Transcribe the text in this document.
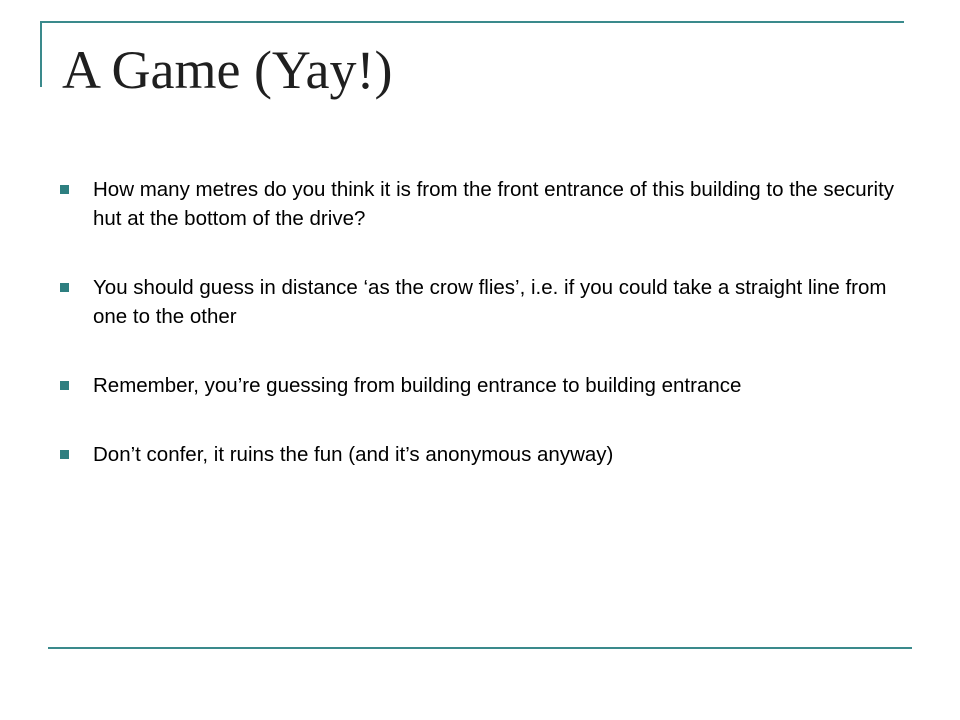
A Game (Yay!)
How many metres do you think it is from the front entrance of this building to the security hut at the bottom of the drive?
You should guess in distance ‘as the crow flies’, i.e. if you could take a straight line from one to the other
Remember, you’re guessing from building entrance to building entrance
Don’t confer, it ruins the fun (and it’s anonymous anyway)
